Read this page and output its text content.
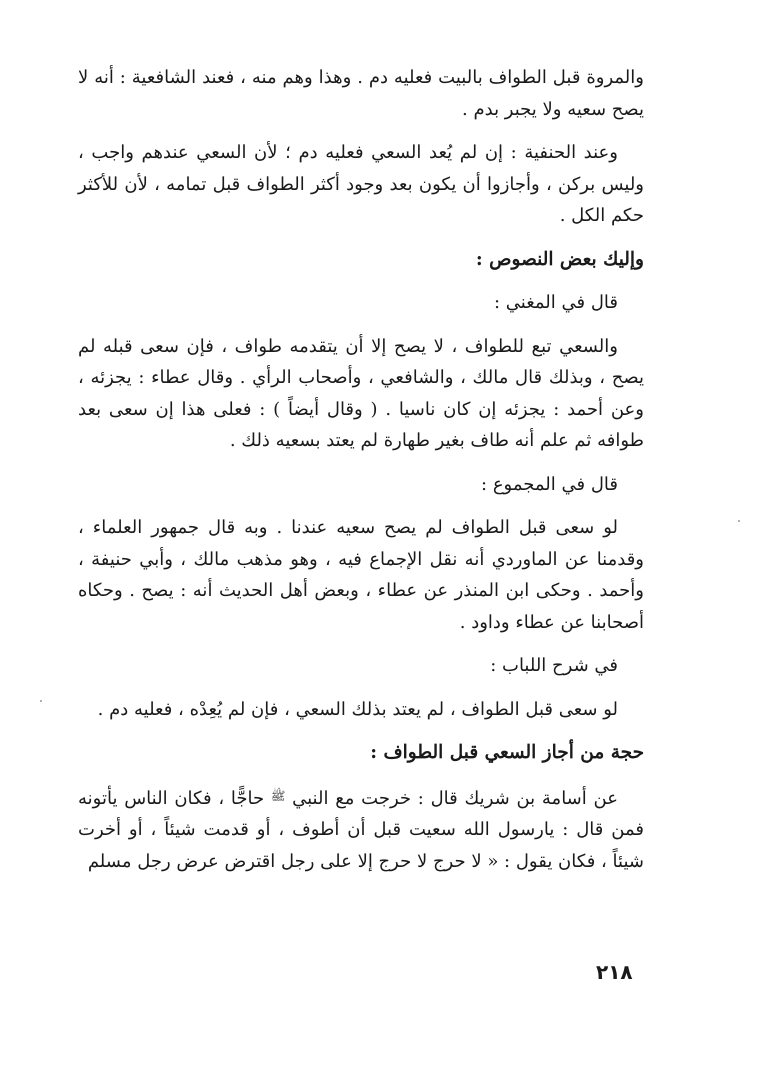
والمروة قبل الطواف بالبيت فعليه دم . وهذا وهم منه ، فعند الشافعية : أنه لا يصح سعيه ولا يجبر بدم .

وعند الحنفية : إن لم يُعد السعي فعليه دم ؛ لأن السعي عندهم واجب ، وليس بركن ، وأجازوا أن يكون بعد وجود أكثر الطواف قبل تمامه ، لأن للأكثر حكم الكل .

وإليك بعض النصوص :

قال في المغني :

والسعي تبع للطواف ، لا يصح إلا أن يتقدمه طواف ، فإن سعى قبله لم يصح ، وبذلك قال مالك ، والشافعي ، وأصحاب الرأي . وقال عطاء : يجزئه ، وعن أحمد : يجزئه إن كان ناسيا . ( وقال أيضاً ) : فعلى هذا إن سعى بعد طوافه ثم علم أنه طاف بغير طهارة لم يعتد بسعيه ذلك .

قال في المجموع :

لو سعى قبل الطواف لم يصح سعيه عندنا . وبه قال جمهور العلماء ، وقدمنا عن الماوردي أنه نقل الإجماع فيه ، وهو مذهب مالك ، وأبي حنيفة ، وأحمد . وحكى ابن المنذر عن عطاء ، وبعض أهل الحديث أنه : يصح . وحكاه أصحابنا عن عطاء وداود .

في شرح اللباب :

لو سعى قبل الطواف ، لم يعتد بذلك السعي ، فإن لم يُعِدْه ، فعليه دم .

حجة من أجاز السعي قبل الطواف :

عن أسامة بن شريك قال : خرجت مع النبي $^ﷺ$ حاجًّا ، فكان الناس يأتونه فمن قال : يارسول الله سعيت قبل أن أطوف ، أو قدمت شيئاً ، أو أخرت شيئاً ، فكان يقول : « لا حرج لا حرج إلا على رجل اقترض عرض رجل مسلم

٢١٨
